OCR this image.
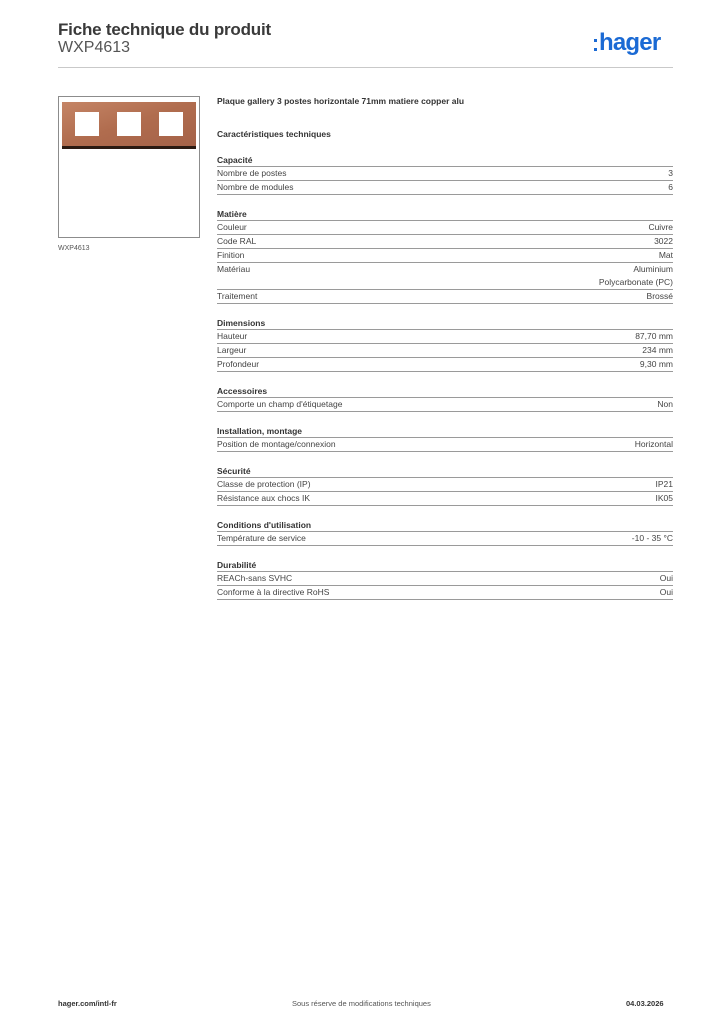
Fiche technique du produit
WXP4613	hager
WXP4613
Plaque gallery 3 postes horizontale 71mm matiere copper alu
Caractéristiques techniques
Capacité
Nombre de postes	3
Nombre de modules	6
Matière
Couleur	Cuivre
Code RAL	3022
Finition	Mat
Matériau	Aluminium
Polycarbonate (PC)
Traitement	Brossé
Dimensions
Hauteur	87,70 mm
Largeur	234 mm
Profondeur	9,30 mm
Accessoires
Comporte un champ d'étiquetage	Non
Installation, montage
Position de montage/connexion	Horizontal
Sécurité
Classe de protection (IP)	IP21
Résistance aux chocs IK	IK05
Conditions d'utilisation
Température de service	-10 - 35 °C
Durabilité
REACh-sans SVHC	Oui
Conforme à la directive RoHS	Oui
hager.com/intl-fr	Sous réserve de modifications techniques	04.03.2026
